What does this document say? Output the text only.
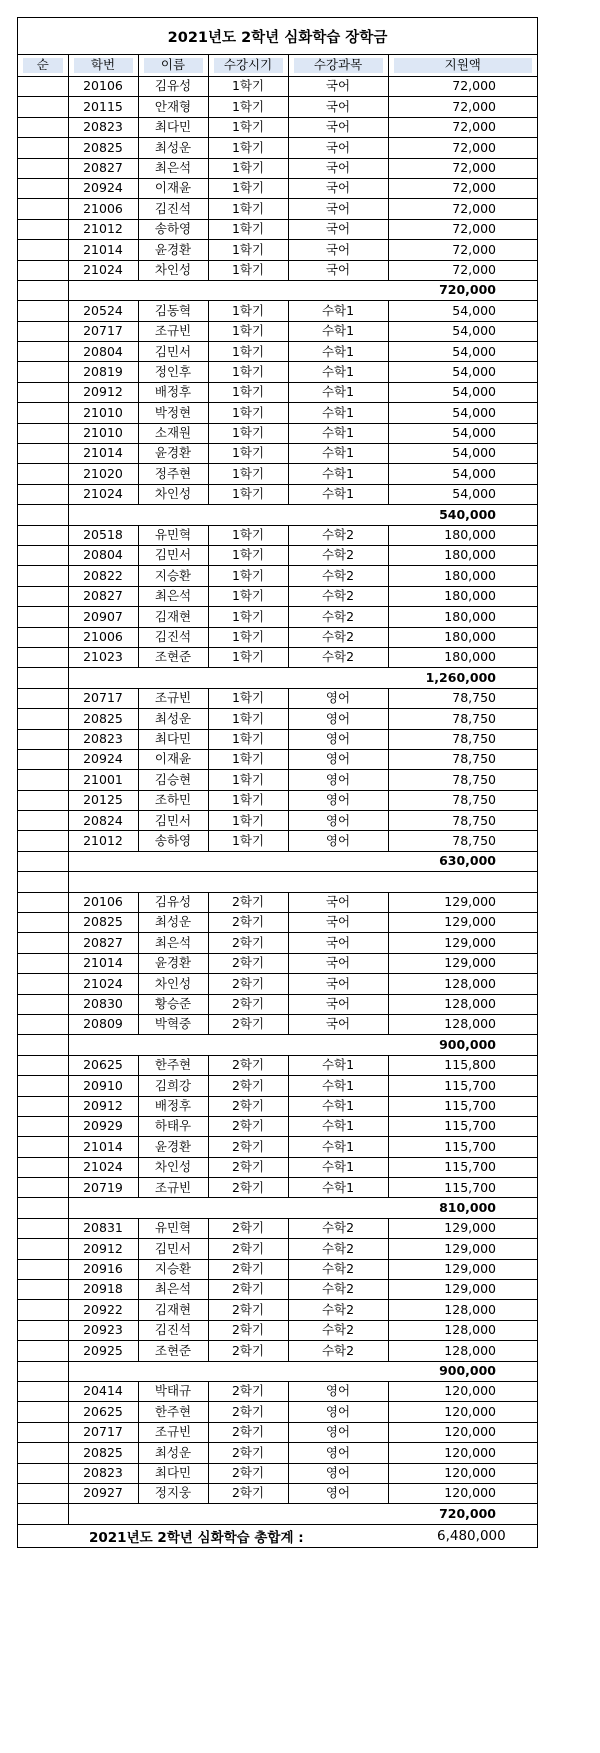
2021년도 2학년 심화학습 장학금
순	학번	이름	수강시기	수강과목	지원액
	20106	김유성	1학기	국어	72,000
	20115	안재형	1학기	국어	72,000
	20823	최다민	1학기	국어	72,000
	20825	최성운	1학기	국어	72,000
	20827	최은석	1학기	국어	72,000
	20924	이재윤	1학기	국어	72,000
	21006	김진석	1학기	국어	72,000
	21012	송하영	1학기	국어	72,000
	21014	윤경환	1학기	국어	72,000
	21024	차인성	1학기	국어	72,000
					720,000
	20524	김동혁	1학기	수학1	54,000
	20717	조규빈	1학기	수학1	54,000
	20804	김민서	1학기	수학1	54,000
	20819	정인후	1학기	수학1	54,000
	20912	배정후	1학기	수학1	54,000
	21010	박정현	1학기	수학1	54,000
	21010	소재원	1학기	수학1	54,000
	21014	윤경환	1학기	수학1	54,000
	21020	정주현	1학기	수학1	54,000
	21024	차인성	1학기	수학1	54,000
					540,000
	20518	유민혁	1학기	수학2	180,000
	20804	김민서	1학기	수학2	180,000
	20822	지승환	1학기	수학2	180,000
	20827	최은석	1학기	수학2	180,000
	20907	김재현	1학기	수학2	180,000
	21006	김진석	1학기	수학2	180,000
	21023	조현준	1학기	수학2	180,000
					1,260,000
	20717	조규빈	1학기	영어	78,750
	20825	최성운	1학기	영어	78,750
	20823	최다민	1학기	영어	78,750
	20924	이재윤	1학기	영어	78,750
	21001	김승현	1학기	영어	78,750
	20125	조하민	1학기	영어	78,750
	20824	김민서	1학기	영어	78,750
	21012	송하영	1학기	영어	78,750
					630,000

	20106	김유성	2학기	국어	129,000
	20825	최성운	2학기	국어	129,000
	20827	최은석	2학기	국어	129,000
	21014	윤경환	2학기	국어	129,000
	21024	차인성	2학기	국어	128,000
	20830	황승준	2학기	국어	128,000
	20809	박혁중	2학기	국어	128,000
					900,000
	20625	한주현	2학기	수학1	115,800
	20910	김희강	2학기	수학1	115,700
	20912	배정후	2학기	수학1	115,700
	20929	하태우	2학기	수학1	115,700
	21014	윤경환	2학기	수학1	115,700
	21024	차인성	2학기	수학1	115,700
	20719	조규빈	2학기	수학1	115,700
					810,000
	20831	유민혁	2학기	수학2	129,000
	20912	김민서	2학기	수학2	129,000
	20916	지승환	2학기	수학2	129,000
	20918	최은석	2학기	수학2	129,000
	20922	김재현	2학기	수학2	128,000
	20923	김진석	2학기	수학2	128,000
	20925	조현준	2학기	수학2	128,000
					900,000
	20414	박태규	2학기	영어	120,000
	20625	한주현	2학기	영어	120,000
	20717	조규빈	2학기	영어	120,000
	20825	최성운	2학기	영어	120,000
	20823	최다민	2학기	영어	120,000
	20927	정지웅	2학기	영어	120,000
					720,000
2021년도 2학년 심화학습 총합계 :	6,480,000
